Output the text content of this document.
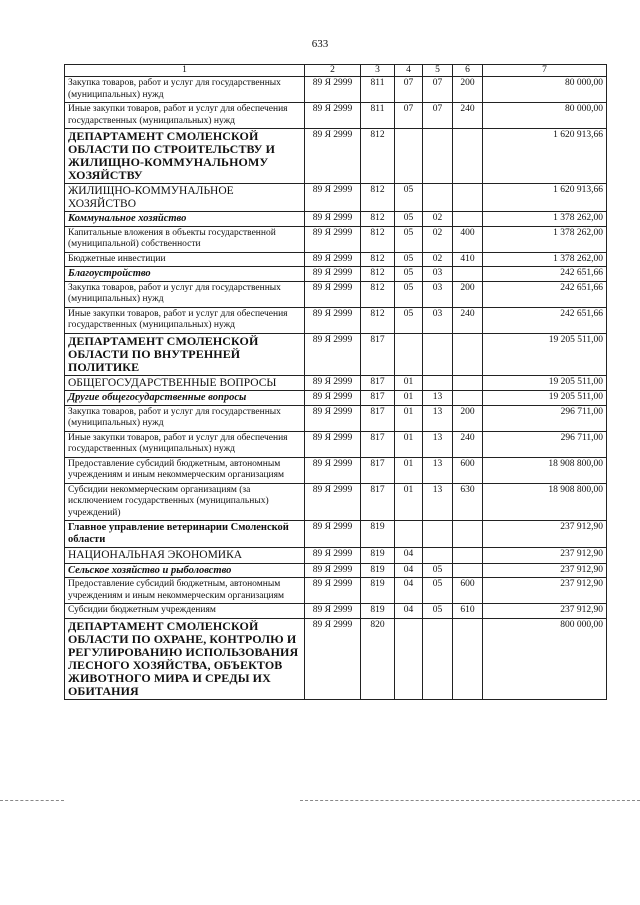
633
1	2	3	4	5	6	7
Закупка товаров, работ и услуг для государственных (муниципальных) нужд	89 Я 2999	811	07	07	200	80 000,00
Иные закупки товаров, работ и услуг для обеспечения государственных (муниципальных) нужд	89 Я 2999	811	07	07	240	80 000,00
ДЕПАРТАМЕНТ СМОЛЕНСКОЙ ОБЛАСТИ ПО СТРОИТЕЛЬСТВУ И ЖИЛИЩНО-КОММУНАЛЬНОМУ ХОЗЯЙСТВУ	89 Я 2999	812				1 620 913,66
ЖИЛИЩНО-КОММУНАЛЬНОЕ ХОЗЯЙСТВО	89 Я 2999	812	05			1 620 913,66
Коммунальное хозяйство	89 Я 2999	812	05	02		1 378 262,00
Капитальные вложения в объекты государственной (муниципальной) собственности	89 Я 2999	812	05	02	400	1 378 262,00
Бюджетные инвестиции	89 Я 2999	812	05	02	410	1 378 262,00
Благоустройство	89 Я 2999	812	05	03		242 651,66
Закупка товаров, работ и услуг для государственных (муниципальных) нужд	89 Я 2999	812	05	03	200	242 651,66
Иные закупки товаров, работ и услуг для обеспечения государственных (муниципальных) нужд	89 Я 2999	812	05	03	240	242 651,66
ДЕПАРТАМЕНТ СМОЛЕНСКОЙ ОБЛАСТИ ПО ВНУТРЕННЕЙ ПОЛИТИКЕ	89 Я 2999	817				19 205 511,00
ОБЩЕГОСУДАРСТВЕННЫЕ ВОПРОСЫ	89 Я 2999	817	01			19 205 511,00
Другие общегосударственные вопросы	89 Я 2999	817	01	13		19 205 511,00
Закупка товаров, работ и услуг для государственных (муниципальных) нужд	89 Я 2999	817	01	13	200	296 711,00
Иные закупки товаров, работ и услуг для обеспечения государственных (муниципальных) нужд	89 Я 2999	817	01	13	240	296 711,00
Предоставление субсидий бюджетным, автономным учреждениям и иным некоммерческим организациям	89 Я 2999	817	01	13	600	18 908 800,00
Субсидии некоммерческим организациям (за исключением государственных (муниципальных) учреждений)	89 Я 2999	817	01	13	630	18 908 800,00
Главное управление ветеринарии Смоленской области	89 Я 2999	819				237 912,90
НАЦИОНАЛЬНАЯ ЭКОНОМИКА	89 Я 2999	819	04			237 912,90
Сельское хозяйство и рыболовство	89 Я 2999	819	04	05		237 912,90
Предоставление субсидий бюджетным, автономным учреждениям и иным некоммерческим организациям	89 Я 2999	819	04	05	600	237 912,90
Субсидии бюджетным учреждениям	89 Я 2999	819	04	05	610	237 912,90
ДЕПАРТАМЕНТ СМОЛЕНСКОЙ ОБЛАСТИ ПО ОХРАНЕ, КОНТРОЛЮ И РЕГУЛИРОВАНИЮ ИСПОЛЬЗОВАНИЯ ЛЕСНОГО ХОЗЯЙСТВА, ОБЪЕКТОВ ЖИВОТНОГО МИРА И СРЕДЫ ИХ ОБИТАНИЯ	89 Я 2999	820				800 000,00
